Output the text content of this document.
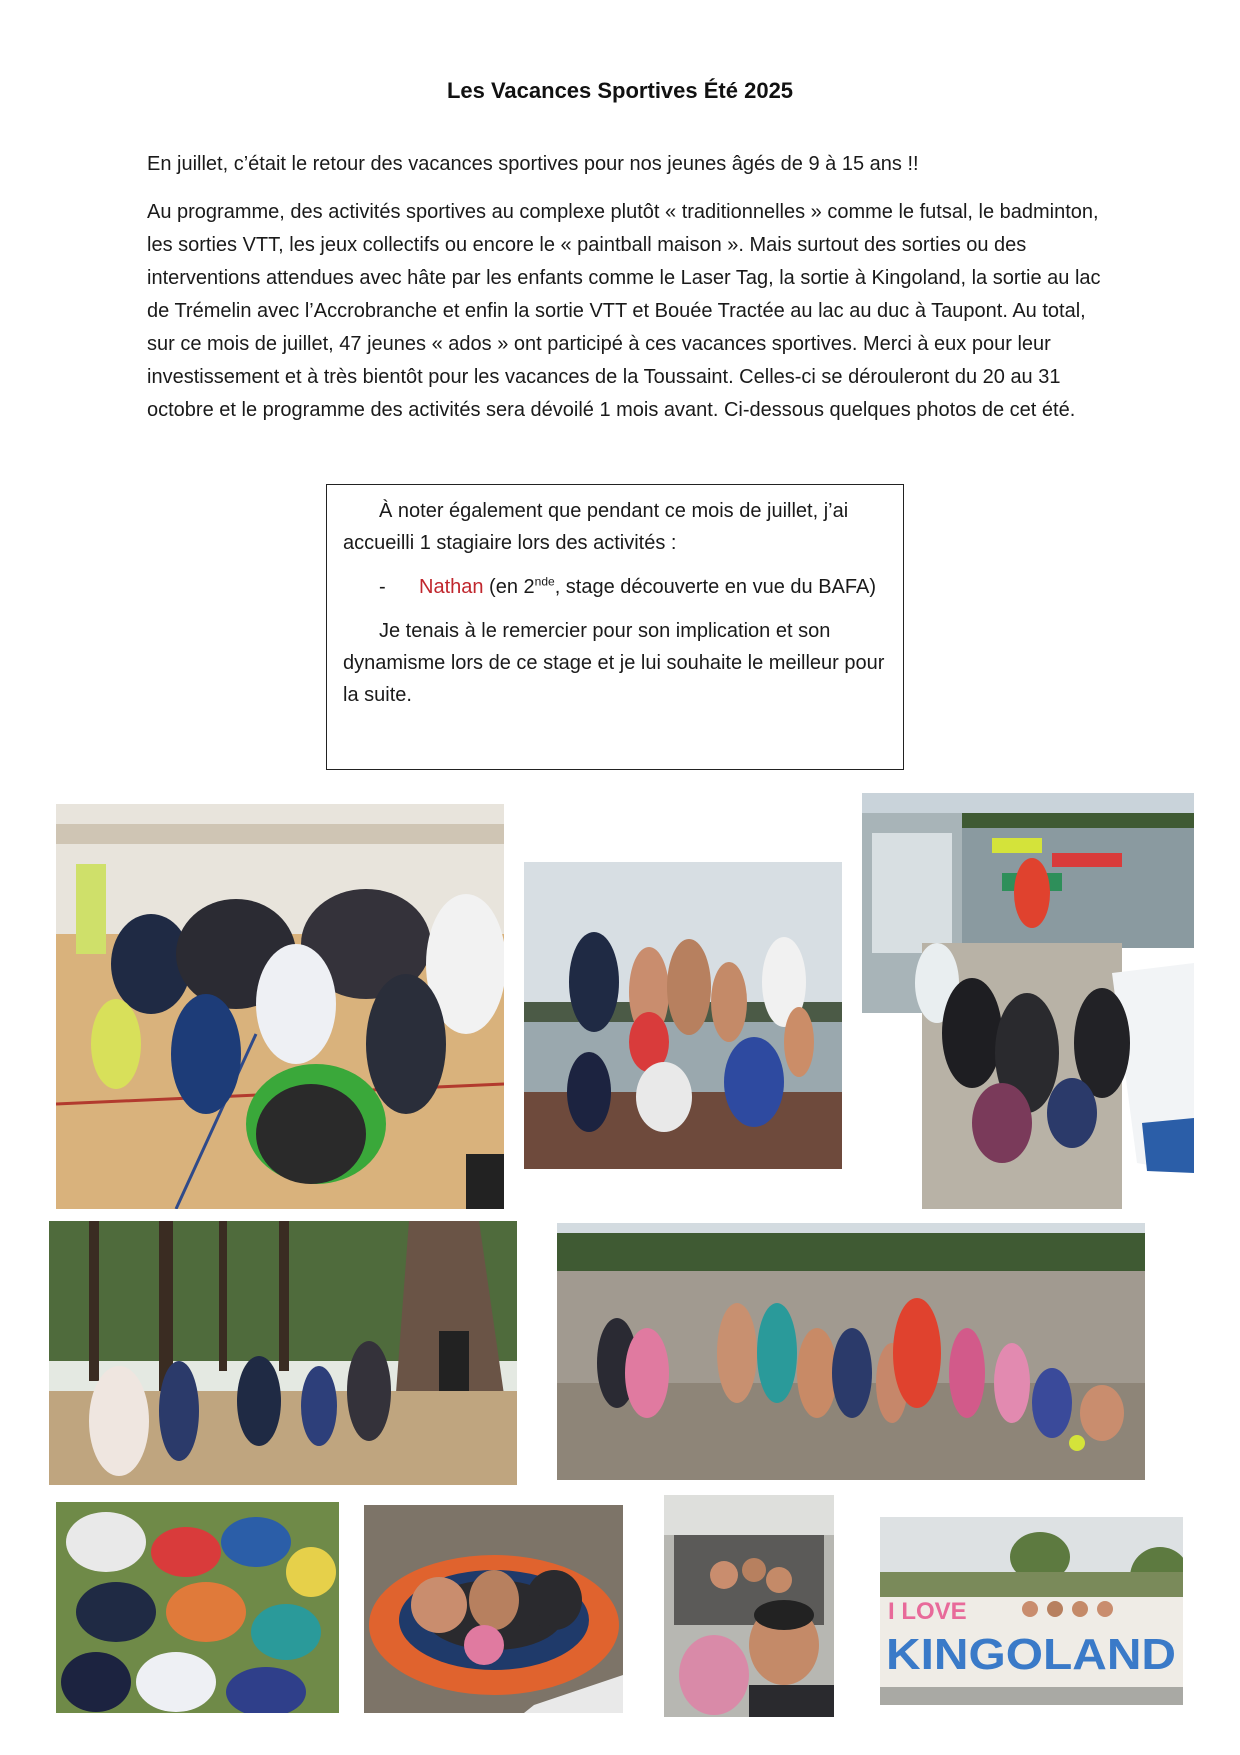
Les Vacances Sportives Été 2025

En juillet, c’était le retour des vacances sportives pour nos jeunes âgés de 9 à 15 ans !!

Au programme, des activités sportives au complexe plutôt « traditionnelles » comme le futsal, le badminton, les sorties VTT, les jeux collectifs ou encore le « paintball maison ». Mais surtout des sorties ou des interventions attendues avec hâte par les enfants comme le Laser Tag, la sortie à Kingoland, la sortie au lac de Trémelin avec l’Accrobranche et enfin la sortie VTT et Bouée Tractée au lac au duc à Taupont. Au total, sur ce mois de juillet, 47 jeunes « ados » ont participé à ces vacances sportives. Merci à eux pour leur investissement et à très bientôt pour les vacances de la Toussaint. Celles-ci se dérouleront du 20 au 31 octobre et le programme des activités sera dévoilé 1 mois avant. Ci-dessous quelques photos de cet été.

À noter également que pendant ce mois de juillet, j’ai accueilli 1 stagiaire lors des activités :

-	Nathan (en 2nde, stage découverte en vue du BAFA)

Je tenais à le remercier pour son implication et son dynamisme lors de ce stage et je lui souhaite le meilleur pour la suite.

I LOVE
KINGOLAND
